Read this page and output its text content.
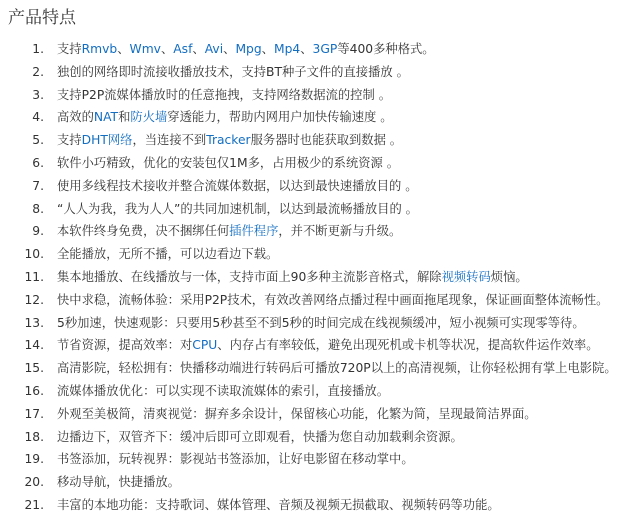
产品特点
1. 支持Rmvb、Wmv、Asf、Avi、Mpg、Mp4、3GP等400多种格式。
2. 独创的网络即时流接收播放技术，支持BT种子文件的直接播放 。
3. 支持P2P流媒体播放时的任意拖拽，支持网络数据流的控制 。
4. 高效的NAT和防火墙穿透能力，帮助内网用户加快传输速度 。
5. 支持DHT网络，当连接不到Tracker服务器时也能获取到数据 。
6. 软件小巧精致，优化的安装包仅1M多，占用极少的系统资源 。
7. 使用多线程技术接收并整合流媒体数据，以达到最快速播放目的 。
8. “人人为我，我为人人”的共同加速机制，以达到最流畅播放目的 。
9. 本软件终身免费，决不捆绑任何插件程序，并不断更新与升级。
10. 全能播放，无所不播，可以边看边下载。
11. 集本地播放、在线播放与一体，支持市面上90多种主流影音格式，解除视频转码烦恼。
12. 快中求稳，流畅体验：采用P2P技术，有效改善网络点播过程中画面拖尾现象，保证画面整体流畅性。
13. 5秒加速，快速观影：只要用5秒甚至不到5秒的时间完成在线视频缓冲，短小视频可实现零等待。
14. 节省资源，提高效率：对CPU、内存占有率较低，避免出现死机或卡机等状况，提高软件运作效率。
15. 高清影院，轻松拥有：快播移动端进行转码后可播放720P以上的高清视频，让你轻松拥有掌上电影院。
16. 流媒体播放优化：可以实现不读取流媒体的索引，直接播放。
17. 外观至美极简，清爽视觉：摒弃多余设计，保留核心功能，化繁为简，呈现最简洁界面。
18. 边播边下，双管齐下：缓冲后即可立即观看，快播为您自动加载剩余资源。
19. 书签添加，玩转视界：影视站书签添加，让好电影留在移动掌中。
20. 移动导航，快捷播放。
21. 丰富的本地功能：支持歌词、媒体管理、音频及视频无损截取、视频转码等功能。
